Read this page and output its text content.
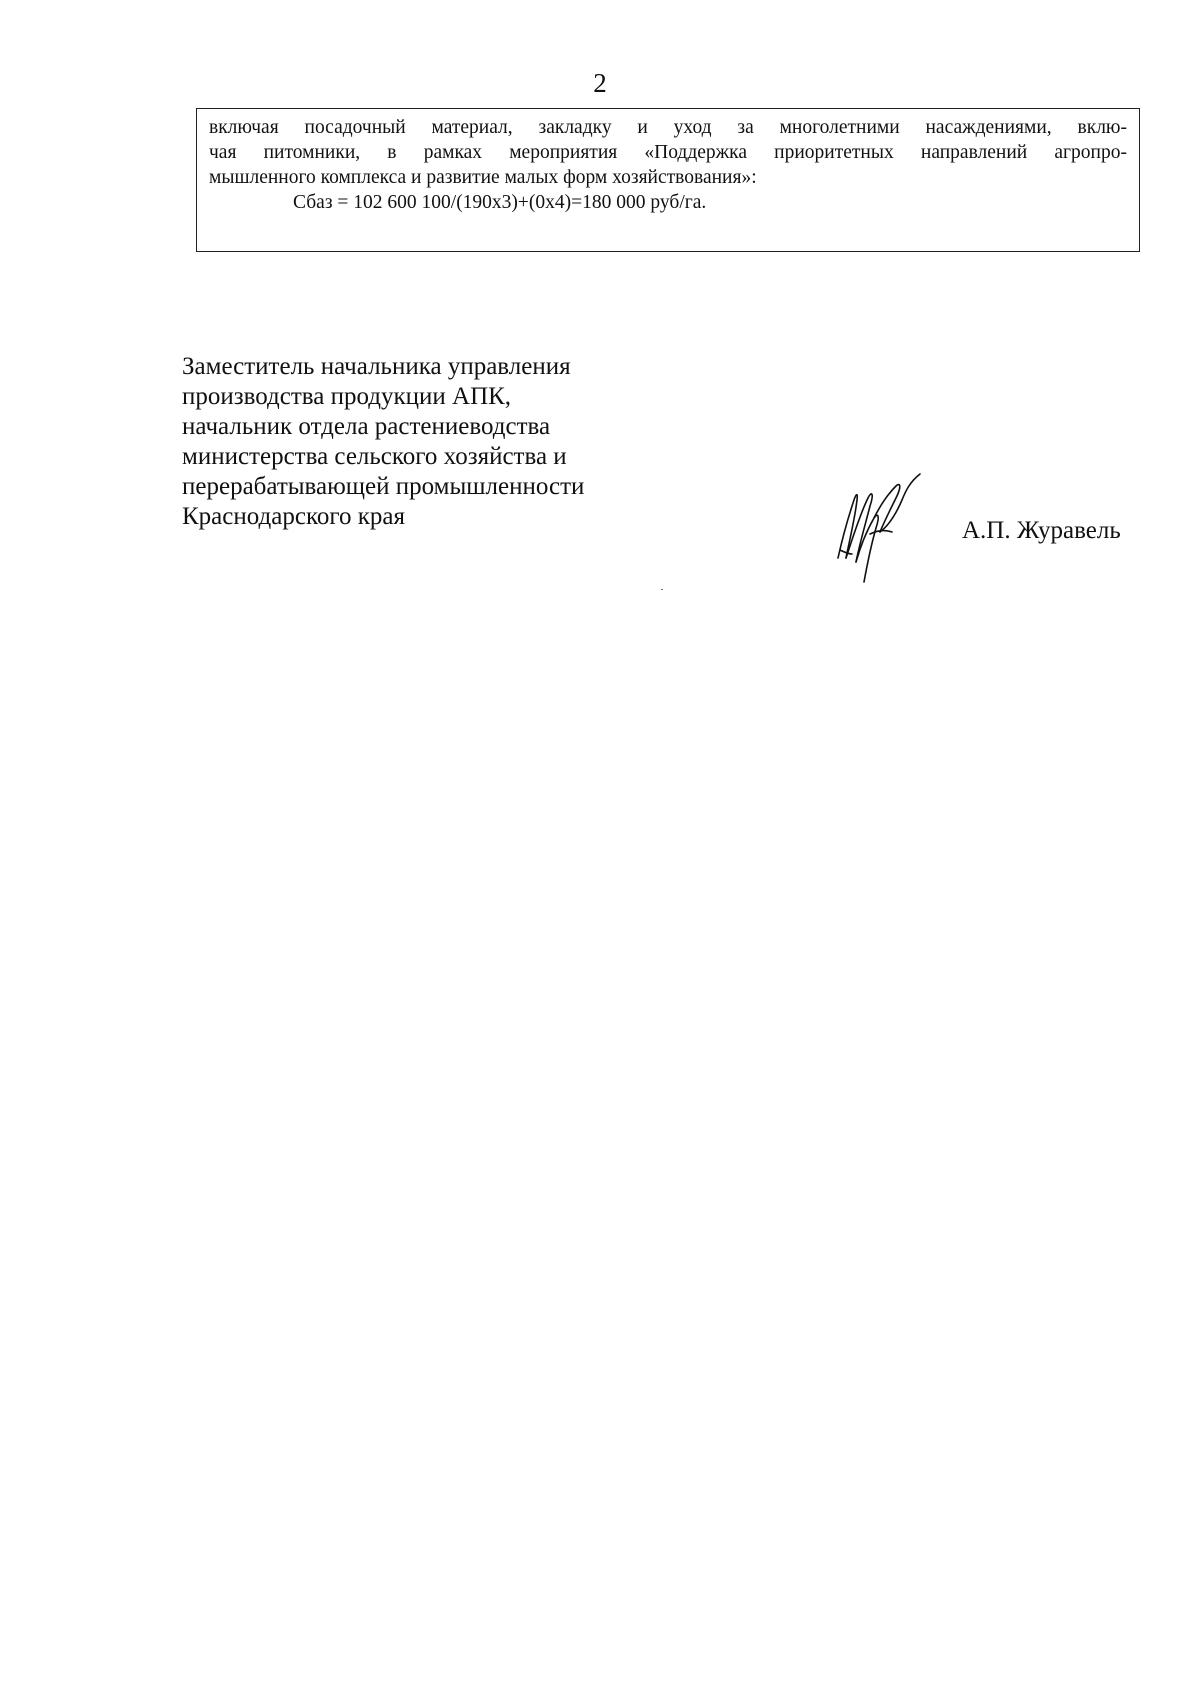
2
включая посадочный материал, закладку и уход за многолетними насаждениями, вклю-
чая питомники, в рамках мероприятия «Поддержка приоритетных направлений агропро-
мышленного комплекса и развитие малых форм хозяйствования»:
Сбаз = 102 600 100/(190х3)+(0х4)=180 000 руб/га.
Заместитель начальника управления
производства продукции АПК,
начальник отдела растениеводства
министерства сельского хозяйства и
перерабатывающей промышленности
Краснодарского края
А.П. Журавель
